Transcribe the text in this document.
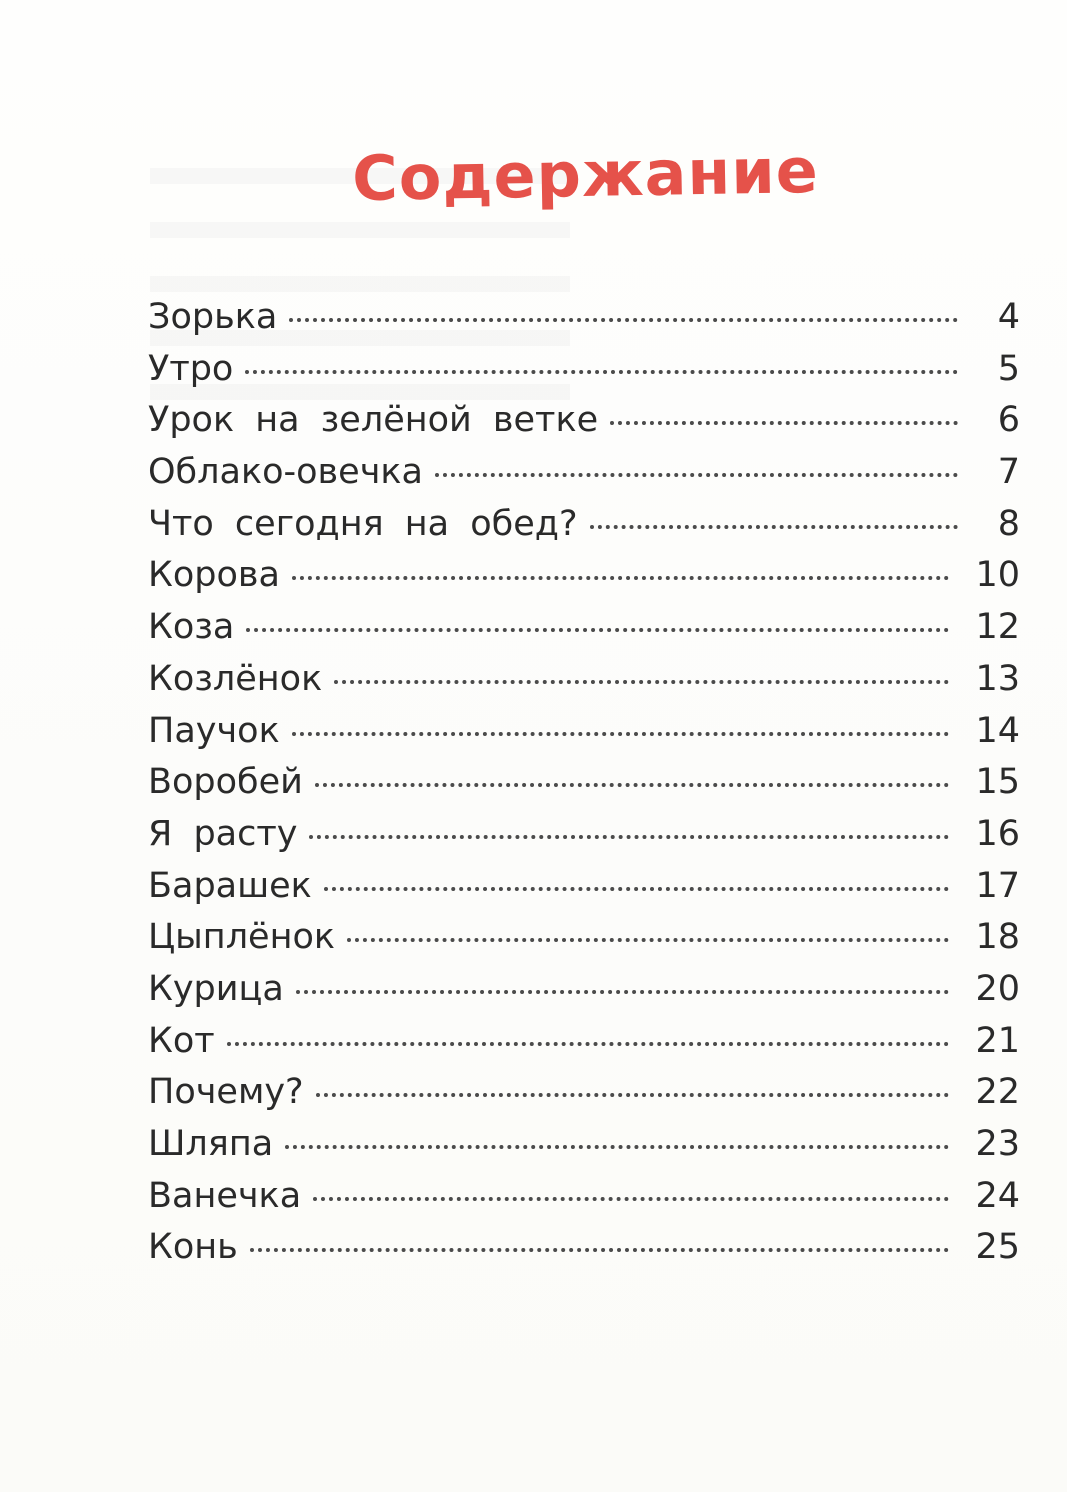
Содержание
Зорька	4
Утро	5
Урок на зелёной ветке	6
Облако-овечка	7
Что сегодня на обед?	8
Корова	10
Коза	12
Козлёнок	13
Паучок	14
Воробей	15
Я расту	16
Барашек	17
Цыплёнок	18
Курица	20
Кот	21
Почему?	22
Шляпа	23
Ванечка	24
Конь	25
